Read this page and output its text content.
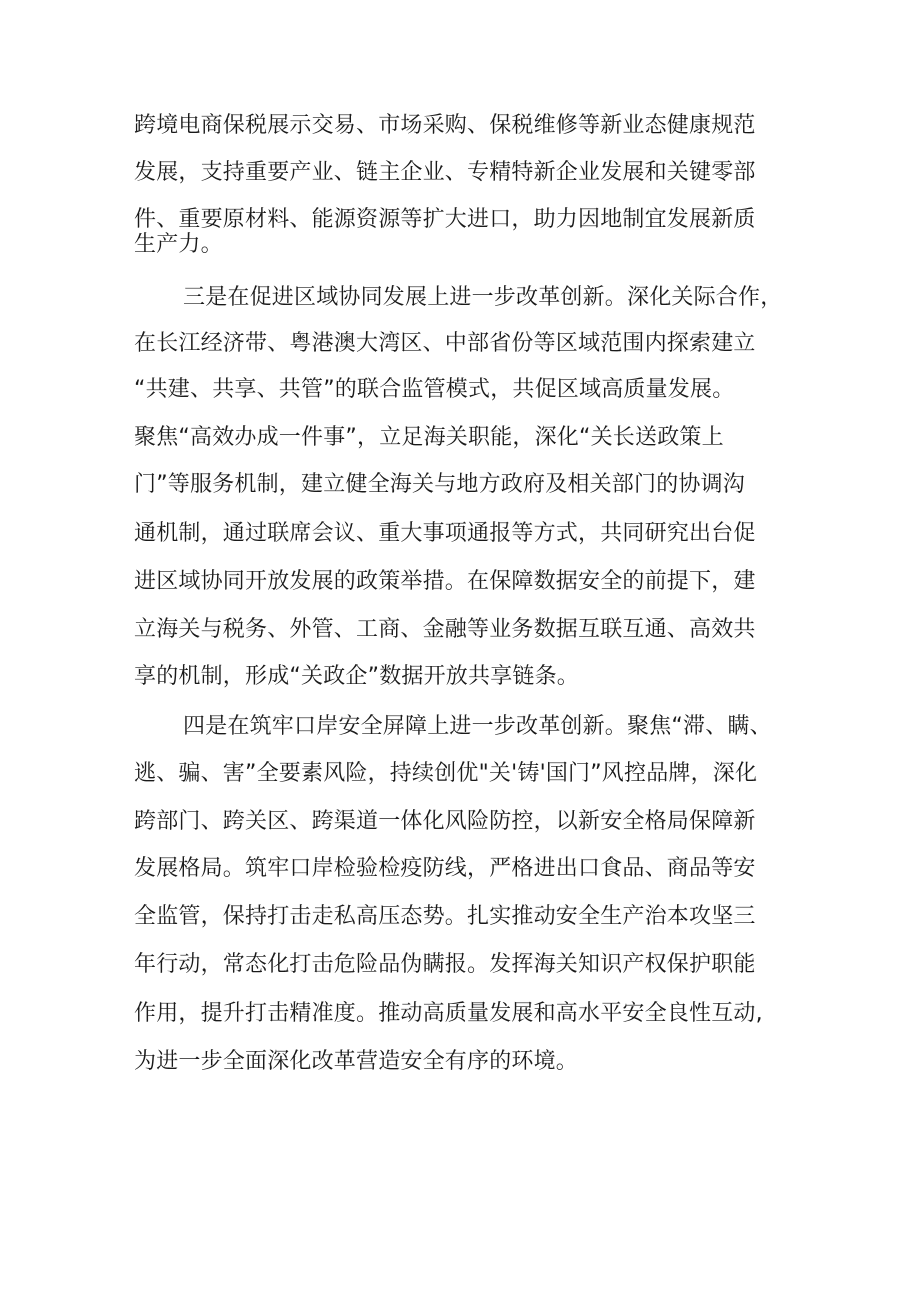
跨境电商保税展示交易、市场采购、保税维修等新业态健康规范
发展，支持重要产业、链主企业、专精特新企业发展和关键零部
件、重要原材料、能源资源等扩大进口，助力因地制宜发展新质
生产力。
三是在促进区域协同发展上进一步改革创新。深化关际合作，
在长江经济带、粤港澳大湾区、中部省份等区域范围内探索建立
“共建、共享、共管”的联合监管模式，共促区域高质量发展。
聚焦“高效办成一件事”，立足海关职能，深化“关长送政策上
门”等服务机制，建立健全海关与地方政府及相关部门的协调沟
通机制，通过联席会议、重大事项通报等方式，共同研究出台促
进区域协同开放发展的政策举措。在保障数据安全的前提下，建
立海关与税务、外管、工商、金融等业务数据互联互通、高效共
享的机制，形成“关政企”数据开放共享链条。
四是在筑牢口岸安全屏障上进一步改革创新。聚焦“滞、瞒、
逃、骗、害”全要素风险，持续创优"关'铸'国门”风控品牌，深化
跨部门、跨关区、跨渠道一体化风险防控，以新安全格局保障新
发展格局。筑牢口岸检验检疫防线，严格进出口食品、商品等安
全监管，保持打击走私高压态势。扎实推动安全生产治本攻坚三
年行动，常态化打击危险品伪瞒报。发挥海关知识产权保护职能
作用，提升打击精准度。推动高质量发展和高水平安全良性互动,
为进一步全面深化改革营造安全有序的环境。
